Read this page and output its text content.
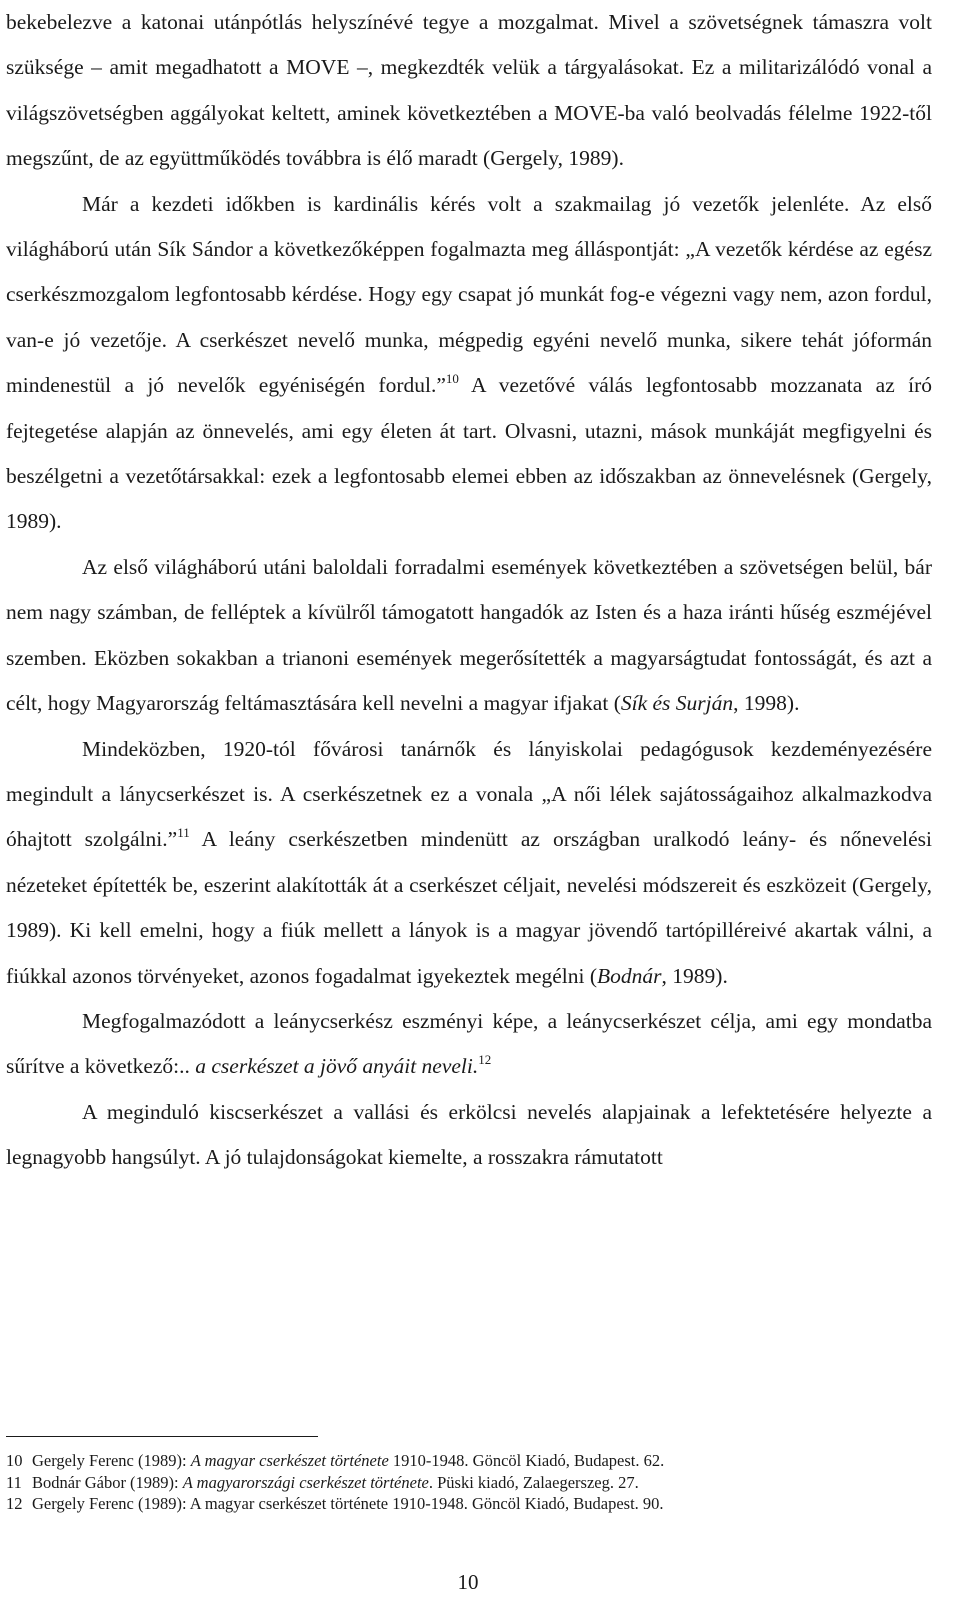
bekebelezve a katonai utánpótlás helyszínévé tegye a mozgalmat. Mivel a szövetségnek támaszra volt szüksége – amit megadhatott a MOVE –, megkezdték velük a tárgyalásokat. Ez a militarizálódó vonal a világszövetségben aggályokat keltett, aminek következtében a MOVE-ba való beolvadás félelme 1922-től megszűnt, de az együttműködés továbbra is élő maradt (Gergely, 1989).

Már a kezdeti időkben is kardinális kérés volt a szakmailag jó vezetők jelenléte. Az első világháború után Sík Sándor a következőképpen fogalmazta meg álláspontját: „A vezetők kérdése az egész cserkészmozgalom legfontosabb kérdése. Hogy egy csapat jó munkát fog-e végezni vagy nem, azon fordul, van-e jó vezetője. A cserkészet nevelő munka, mégpedig egyéni nevelő munka, sikere tehát jóformán mindenestül a jó nevelők egyéniségén fordul.”$^{10}$ A vezetővé válás legfontosabb mozzanata az író fejtegetése alapján az önnevelés, ami egy életen át tart. Olvasni, utazni, mások munkáját megfigyelni és beszélgetni a vezetőtársakkal: ezek a legfontosabb elemei ebben az időszakban az önnevelésnek (Gergely, 1989).

Az első világháború utáni baloldali forradalmi események következtében a szövetségen belül, bár nem nagy számban, de felléptek a kívülről támogatott hangadók az Isten és a haza iránti hűség eszméjével szemben. Eközben sokakban a trianoni események megerősítették a magyarságtudat fontosságát, és azt a célt, hogy Magyarország feltámasztására kell nevelni a magyar ifjakat (Sík és Surján, 1998).

Mindeközben, 1920-tól fővárosi tanárnők és lányiskolai pedagógusok kezdeményezésére megindult a lánycserkészet is. A cserkészetnek ez a vonala „A női lélek sajátosságaihoz alkalmazkodva óhajtott szolgálni.”$^{11}$ A leány cserkészetben mindenütt az országban uralkodó leány- és nőnevelési nézeteket építették be, eszerint alakították át a cserkészet céljait, nevelési módszereit és eszközeit (Gergely, 1989). Ki kell emelni, hogy a fiúk mellett a lányok is a magyar jövendő tartópilléreivé akartak válni, a fiúkkal azonos törvényeket, azonos fogadalmat igyekeztek megélni (Bodnár, 1989).

Megfogalmazódott a leánycserkész eszményi képe, a leánycserkészet célja, ami egy mondatba sűrítve a következő:.. a cserkészet a jövő anyáit neveli.$^{12}$

A meginduló kiscserkészet a vallási és erkölcsi nevelés alapjainak a lefektetésére helyezte a legnagyobb hangsúlyt. A jó tulajdonságokat kiemelte, a rosszakra rámutatott

10 Gergely Ferenc (1989): A magyar cserkészet története 1910-1948. Göncöl Kiadó, Budapest. 62.
11 Bodnár Gábor (1989): A magyarországi cserkészet története. Püski kiadó, Zalaegerszeg. 27.
12 Gergely Ferenc (1989): A magyar cserkészet története 1910-1948. Göncöl Kiadó, Budapest. 90.
10
